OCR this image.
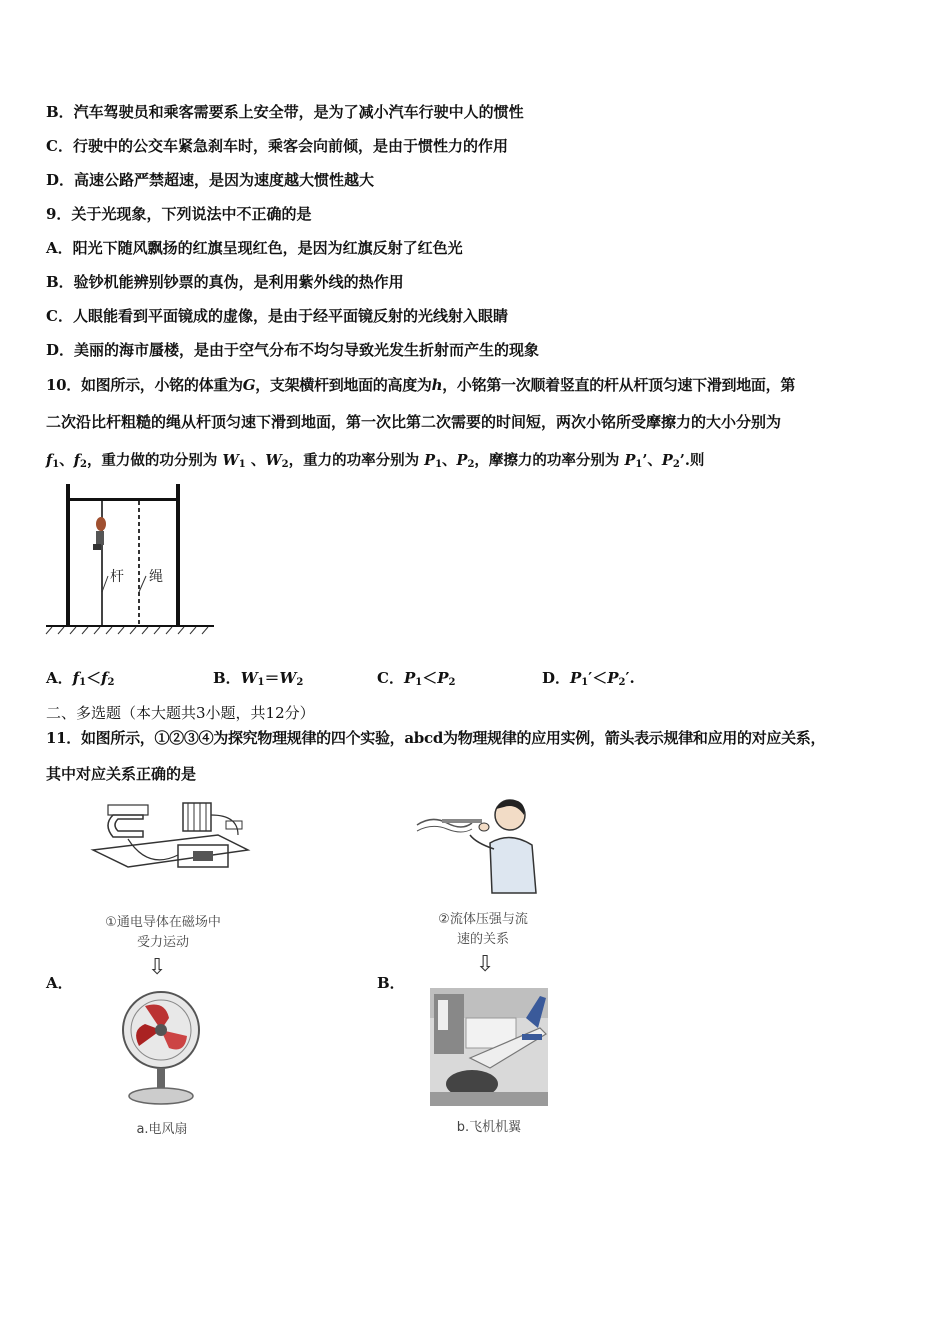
B．汽车驾驶员和乘客需要系上安全带，是为了减小汽车行驶中人的惯性
C．行驶中的公交车紧急刹车时，乘客会向前倾，是由于惯性力的作用
D．高速公路严禁超速，是因为速度越大惯性越大
9．关于光现象，下列说法中不正确的是
A．阳光下随风飘扬的红旗呈现红色，是因为红旗反射了红色光
B．验钞机能辨别钞票的真伪，是利用紫外线的热作用
C．人眼能看到平面镜成的虚像，是由于经平面镜反射的光线射入眼睛
D．美丽的海市蜃楼，是由于空气分布不均匀导致光发生折射而产生的现象
10．如图所示，小铭的体重为G，支架横杆到地面的高度为h，小铭第一次顺着竖直的杆从杆顶匀速下滑到地面，第
二次沿比杆粗糙的绳从杆顶匀速下滑到地面，第一次比第二次需要的时间短，两次小铭所受摩擦力的大小分别为
$f_1$、$f_2$，重力做的功分别为 $W_1$ 、$W_2$，重力的功率分别为 $P_1$、$P_2$，摩擦力的功率分别为 $P_1$’、$P_2$’.则
杆 绳
A．$f_1<f_2$	B．$W_1=W_2$	C．$P_1<P_2$	D．$P_1'<P_2'$.
二、多选题（本大题共3小题，共12分）
11．如图所示，①②③④为探究物理规律的四个实验，abcd为物理规律的应用实例，箭头表示规律和应用的对应关系，
其中对应关系正确的是
①通电导体在磁场中
受力运动
⇩
A．
a.电风扇
②流体压强与流
速的关系
⇩
B．
b.飞机机翼
